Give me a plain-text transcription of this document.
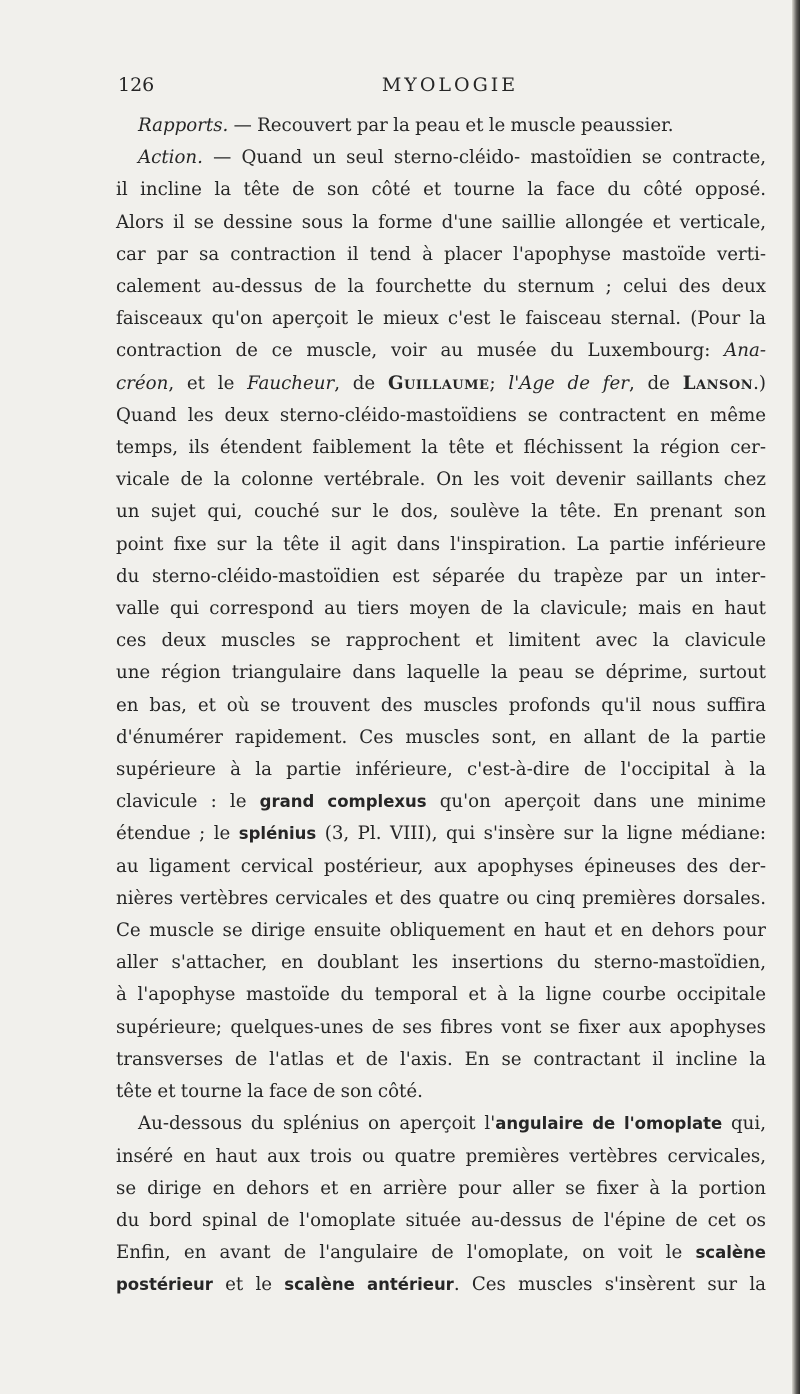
126	MYOLOGIE
Rapports. — Recouvert par la peau et le muscle peaussier.
Action. — Quand un seul sterno-cléido- mastoïdien se contracte,
il incline la tête de son côté et tourne la face du côté opposé.
Alors il se dessine sous la forme d'une saillie allongée et verticale,
car par sa contraction il tend à placer l'apophyse mastoïde verti-
calement au-dessus de la fourchette du sternum ; celui des deux
faisceaux qu'on aperçoit le mieux c'est le faisceau sternal. (Pour la
contraction de ce muscle, voir au musée du Luxembourg: Ana-
créon, et le Faucheur, de Guillaume; l'Age de fer, de Lanson.)
Quand les deux sterno-cléido-mastoïdiens se contractent en même
temps, ils étendent faiblement la tête et fléchissent la région cer-
vicale de la colonne vertébrale. On les voit devenir saillants chez
un sujet qui, couché sur le dos, soulève la tête. En prenant son
point fixe sur la tête il agit dans l'inspiration. La partie inférieure
du sterno-cléido-mastoïdien est séparée du trapèze par un inter-
valle qui correspond au tiers moyen de la clavicule; mais en haut
ces deux muscles se rapprochent et limitent avec la clavicule
une région triangulaire dans laquelle la peau se déprime, surtout
en bas, et où se trouvent des muscles profonds qu'il nous suffira
d'énumérer rapidement. Ces muscles sont, en allant de la partie
supérieure à la partie inférieure, c'est-à-dire de l'occipital à la
clavicule : le grand complexus qu'on aperçoit dans une minime
étendue ; le splénius (3, Pl. VIII), qui s'insère sur la ligne médiane:
au ligament cervical postérieur, aux apophyses épineuses des der-
nières vertèbres cervicales et des quatre ou cinq premières dorsales.
Ce muscle se dirige ensuite obliquement en haut et en dehors pour
aller s'attacher, en doublant les insertions du sterno-mastoïdien,
à l'apophyse mastoïde du temporal et à la ligne courbe occipitale
supérieure; quelques-unes de ses fibres vont se fixer aux apophyses
transverses de l'atlas et de l'axis. En se contractant il incline la
tête et tourne la face de son côté.
Au-dessous du splénius on aperçoit l'angulaire de l'omoplate qui,
inséré en haut aux trois ou quatre premières vertèbres cervicales,
se dirige en dehors et en arrière pour aller se fixer à la portion
du bord spinal de l'omoplate située au-dessus de l'épine de cet os
Enfin, en avant de l'angulaire de l'omoplate, on voit le scalène
postérieur et le scalène antérieur. Ces muscles s'insèrent sur la
